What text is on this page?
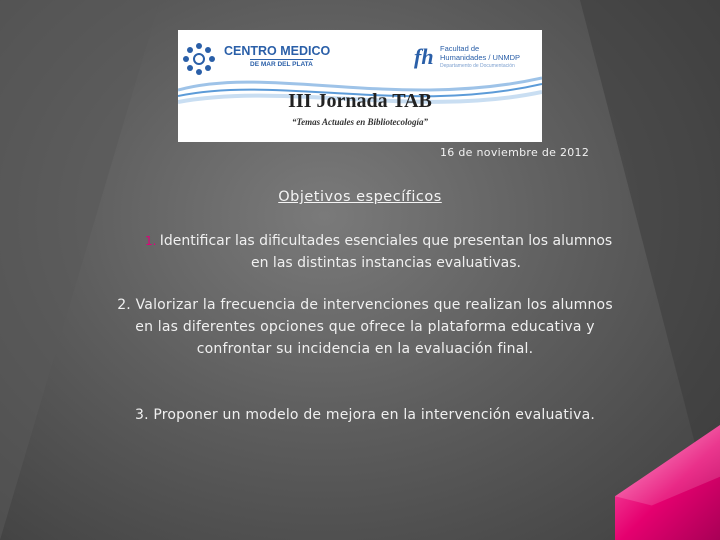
CENTRO MEDICO
DE MAR DEL PLATA	fh Facultad de
Humanidades / UNMDP
Departamento de Documentación
III Jornada TAB
“Temas Actuales en Bibliotecología”
16 de noviembre de 2012
Objetivos específicos
1. Identificar las dificultades esenciales que presentan los alumnos en las distintas instancias evaluativas.
2. Valorizar la frecuencia de intervenciones que realizan los alumnos en las diferentes opciones que ofrece la plataforma educativa y confrontar su incidencia en la evaluación final.
3. Proponer un modelo de mejora en la intervención evaluativa.
